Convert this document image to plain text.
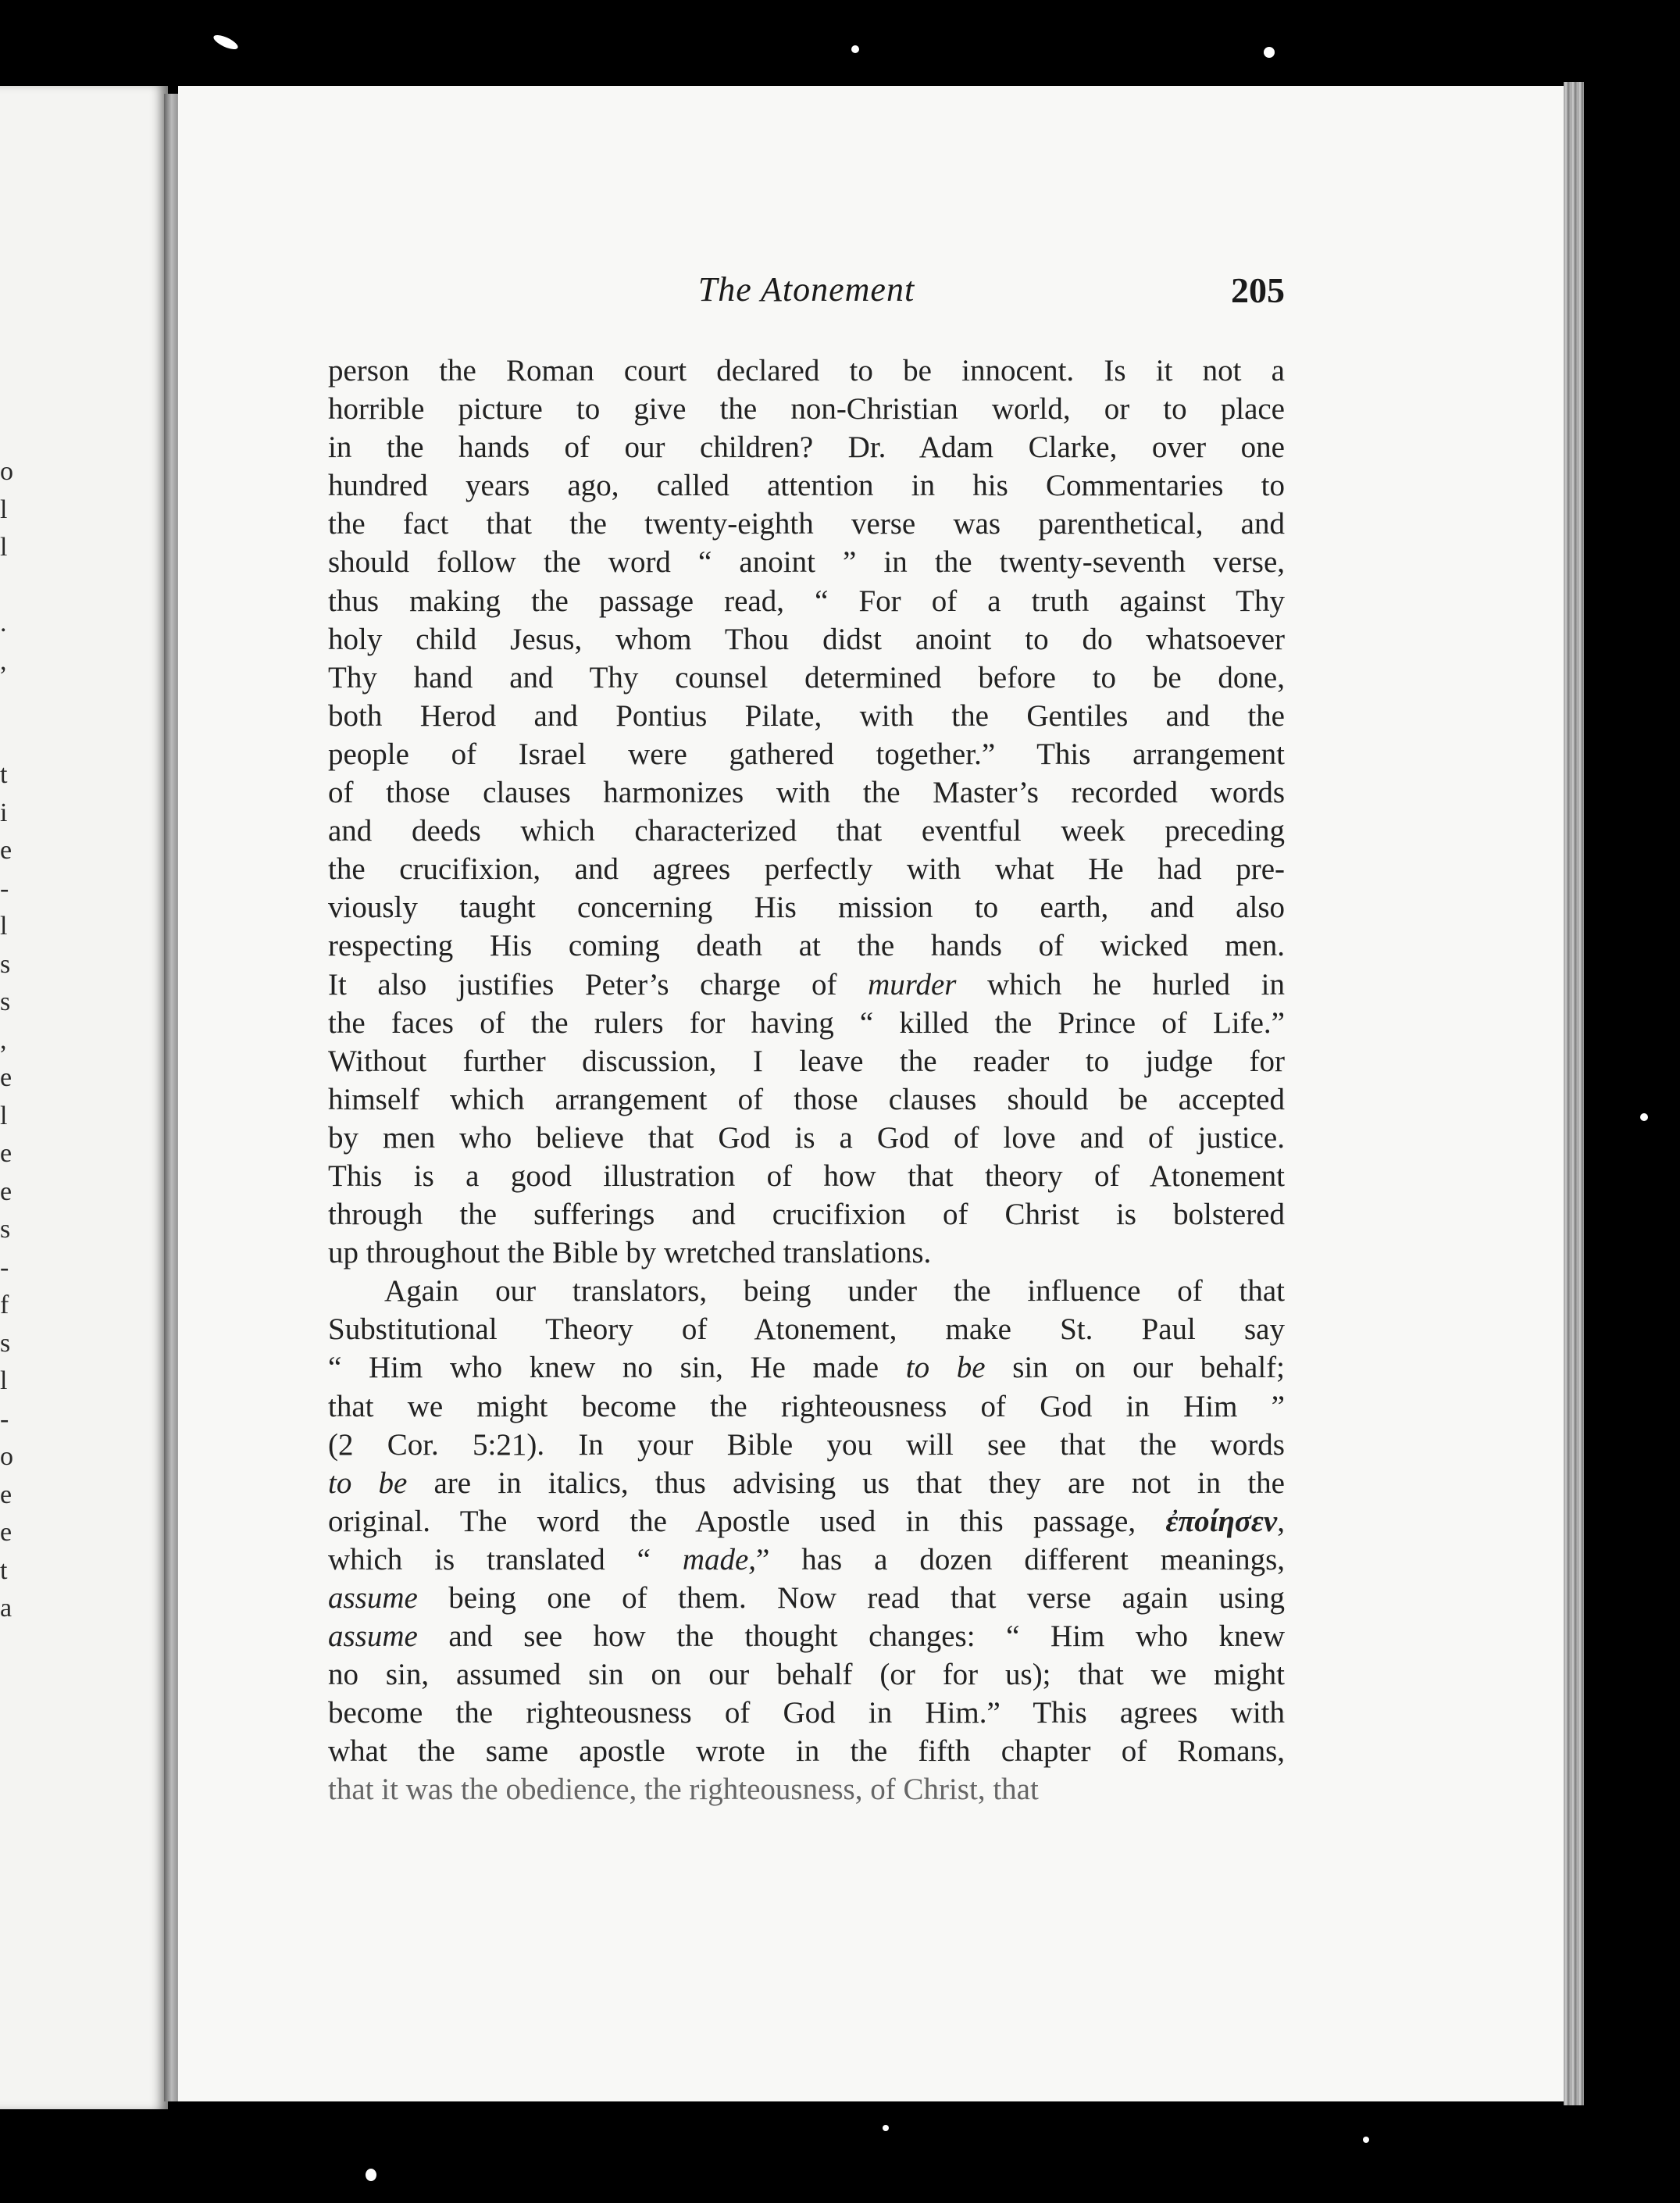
o
l
l
.
,
t
i
e
-
l
s
s
,
e
l
e
e
s
-
f
s
l
-
o
e
e
t
a
The Atonement	205
person the Roman court declared to be innocent. Is it not a
horrible picture to give the non-Christian world, or to place
in the hands of our children? Dr. Adam Clarke, over one
hundred years ago, called attention in his Commentaries to
the fact that the twenty-eighth verse was parenthetical, and
should follow the word “ anoint ” in the twenty-seventh verse,
thus making the passage read, “ For of a truth against Thy
holy child Jesus, whom Thou didst anoint to do whatsoever
Thy hand and Thy counsel determined before to be done,
both Herod and Pontius Pilate, with the Gentiles and the
people of Israel were gathered together.” This arrangement
of those clauses harmonizes with the Master’s recorded words
and deeds which characterized that eventful week preceding
the crucifixion, and agrees perfectly with what He had pre-
viously taught concerning His mission to earth, and also
respecting His coming death at the hands of wicked men.
It also justifies Peter’s charge of murder which he hurled in
the faces of the rulers for having “ killed the Prince of Life.”
Without further discussion, I leave the reader to judge for
himself which arrangement of those clauses should be accepted
by men who believe that God is a God of love and of justice.
This is a good illustration of how that theory of Atonement
through the sufferings and crucifixion of Christ is bolstered
up throughout the Bible by wretched translations.
Again our translators, being under the influence of that
Substitutional Theory of Atonement, make St. Paul say
“ Him who knew no sin, He made to be sin on our behalf;
that we might become the righteousness of God in Him ”
(2 Cor. 5:21). In your Bible you will see that the words
to be are in italics, thus advising us that they are not in the
original. The word the Apostle used in this passage, ἐποίησεν,
which is translated “ made,” has a dozen different meanings,
assume being one of them. Now read that verse again using
assume and see how the thought changes: “ Him who knew
no sin, assumed sin on our behalf (or for us); that we might
become the righteousness of God in Him.” This agrees with
what the same apostle wrote in the fifth chapter of Romans,
that it was the obedience, the righteousness, of Christ, that
